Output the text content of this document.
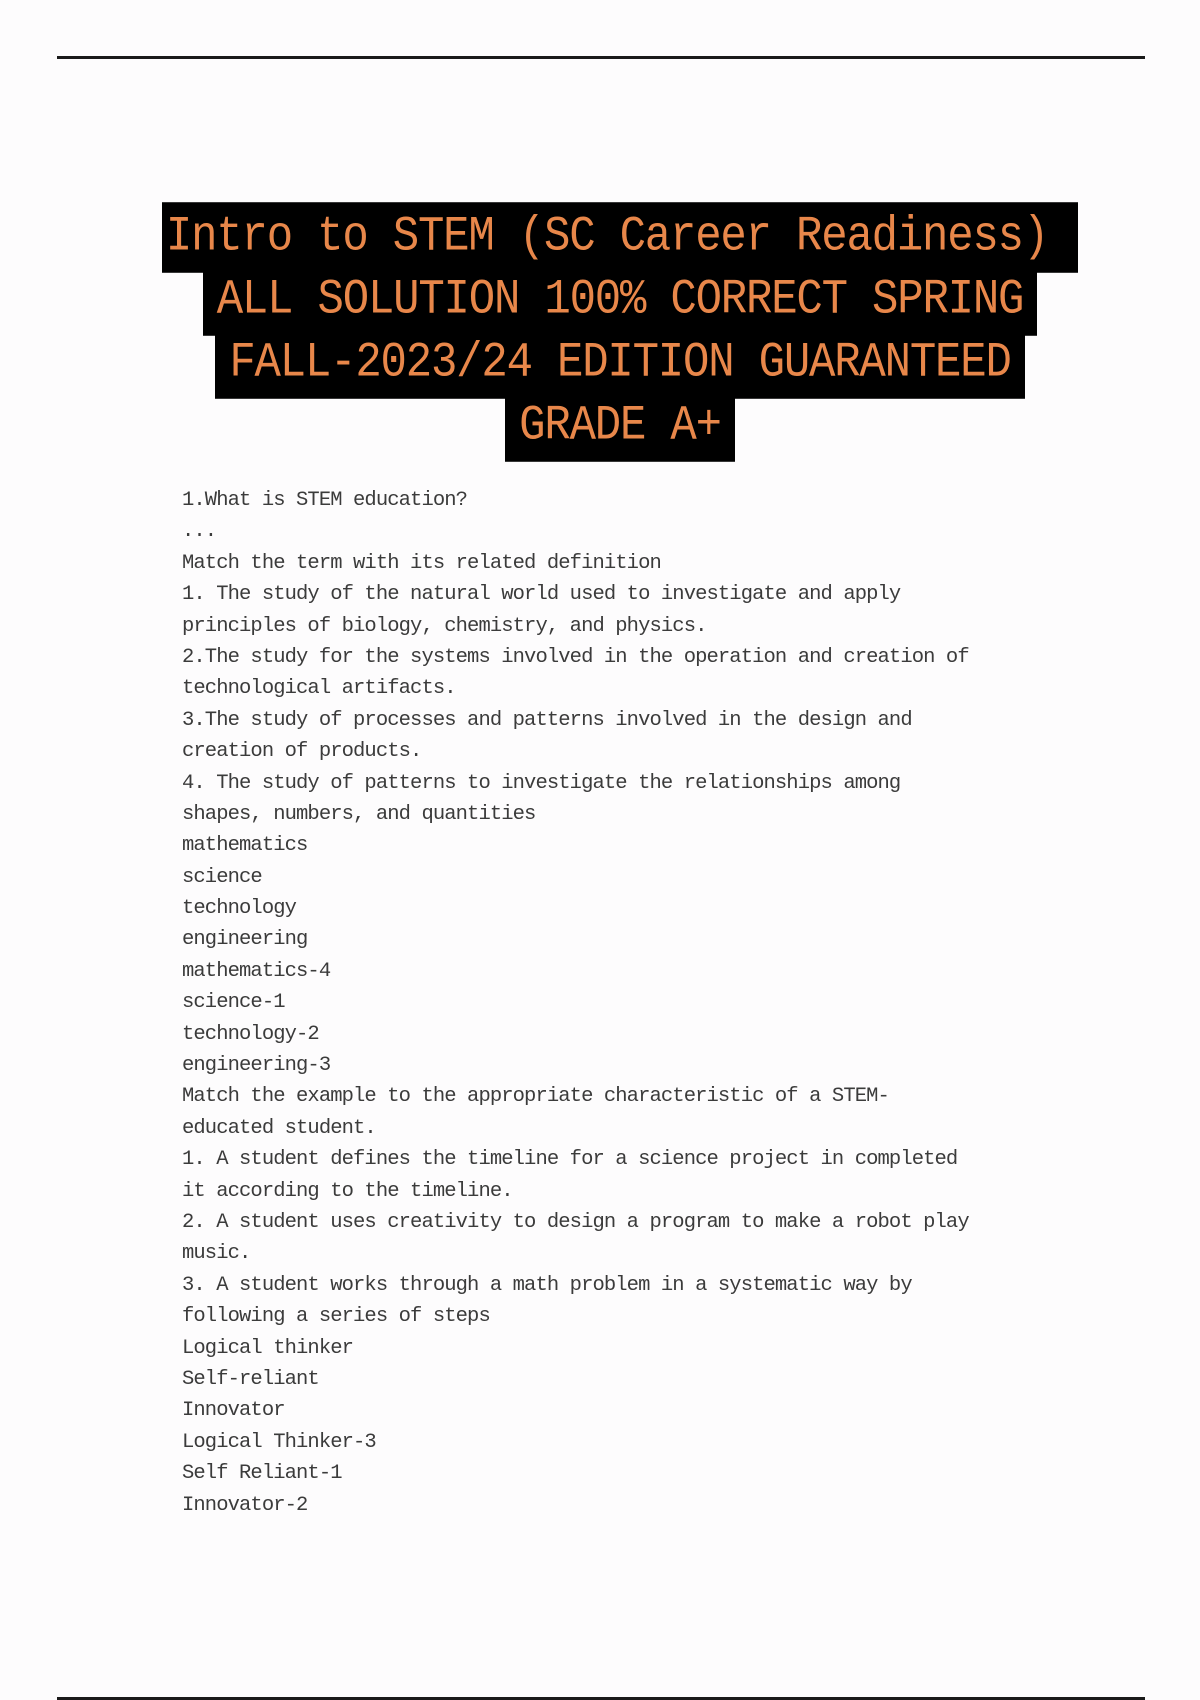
Intro to STEM (SC Career Readiness)
ALL SOLUTION 100% CORRECT SPRING
FALL-2023/24 EDITION GUARANTEED
GRADE A+
1.What is STEM education?
...
Match the term with its related definition
1. The study of the natural world used to investigate and apply
principles of biology, chemistry, and physics.
2.The study for the systems involved in the operation and creation of
technological artifacts.
3.The study of processes and patterns involved in the design and
creation of products.
4. The study of patterns to investigate the relationships among
shapes, numbers, and quantities
mathematics
science
technology
engineering
mathematics-4
science-1
technology-2
engineering-3
Match the example to the appropriate characteristic of a STEM-
educated student.
1. A student defines the timeline for a science project in completed
it according to the timeline.
2. A student uses creativity to design a program to make a robot play
music.
3. A student works through a math problem in a systematic way by
following a series of steps
Logical thinker
Self-reliant
Innovator
Logical Thinker-3
Self Reliant-1
Innovator-2
